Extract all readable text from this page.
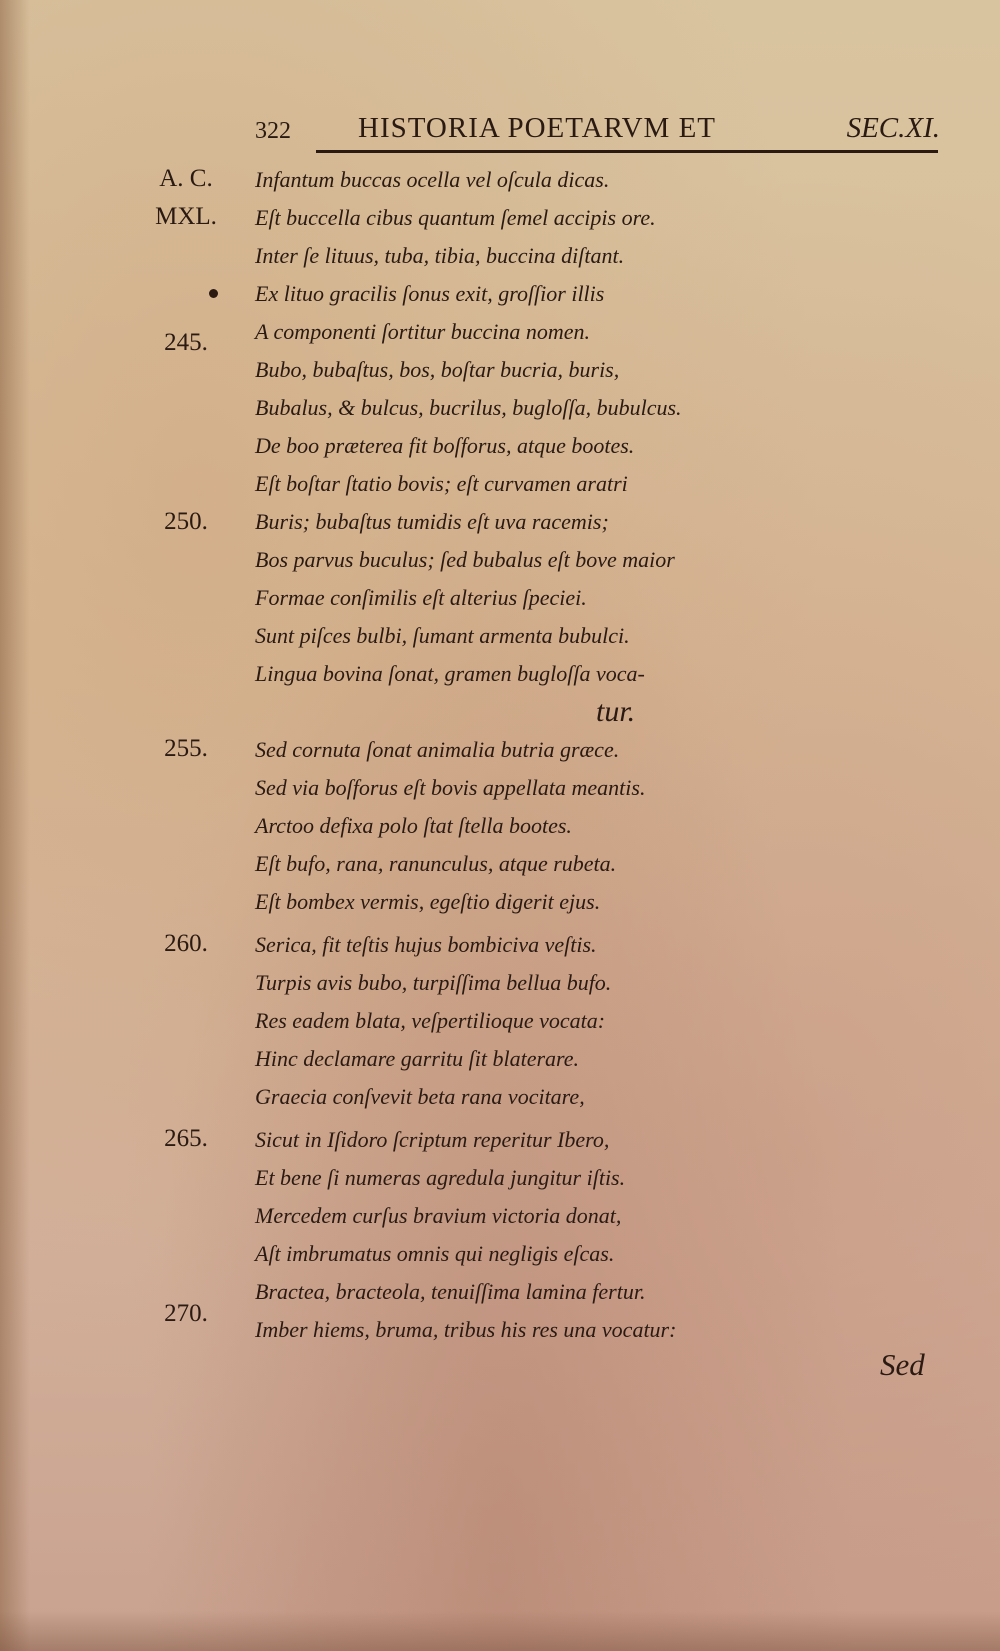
322 HISTORIA POETARVM ET	SEC.XI.
A. C.
MXL.
245.
250.
255.
260.
265.
270.
Infantum buccas ocella vel oſcula dicas.
Eſt buccella cibus quantum ſemel accipis ore.
Inter ſe lituus, tuba, tibia, buccina diſtant.
Ex lituo gracilis ſonus exit, groſſior illis
A componenti ſortitur buccina nomen.
Bubo, bubaſtus, bos, boſtar bucria, buris,
Bubalus, & bulcus, bucrilus, bugloſſa, bubulcus.
De boo præterea fit boſforus, atque bootes.
Eſt boſtar ſtatio bovis; eſt curvamen aratri
Buris; bubaſtus tumidis eſt uva racemis;
Bos parvus buculus; ſed bubalus eſt bove maior
Formae conſimilis eſt alterius ſpeciei.
Sunt piſces bulbi, ſumant armenta bubulci.
Lingua bovina ſonat, gramen bugloſſa voca-
tur.
Sed cornuta ſonat animalia butria græce.
Sed via boſforus eſt bovis appellata meantis.
Arctoo defixa polo ſtat ſtella bootes.
Eſt bufo, rana, ranunculus, atque rubeta.
Eſt bombex vermis, egeſtio digerit ejus.
Serica, fit teſtis hujus bombiciva veſtis.
Turpis avis bubo, turpiſſima bellua bufo.
Res eadem blata, veſpertilioque vocata:
Hinc declamare garritu ſit blaterare.
Graecia conſvevit beta rana vocitare,
Sicut in Iſidoro ſcriptum reperitur Ibero,
Et bene ſi numeras agredula jungitur iſtis.
Mercedem curſus bravium victoria donat,
Aſt imbrumatus omnis qui negligis eſcas.
Bractea, bracteola, tenuiſſima lamina fertur.
Imber hiems, bruma, tribus his res una vocatur:
Sed
